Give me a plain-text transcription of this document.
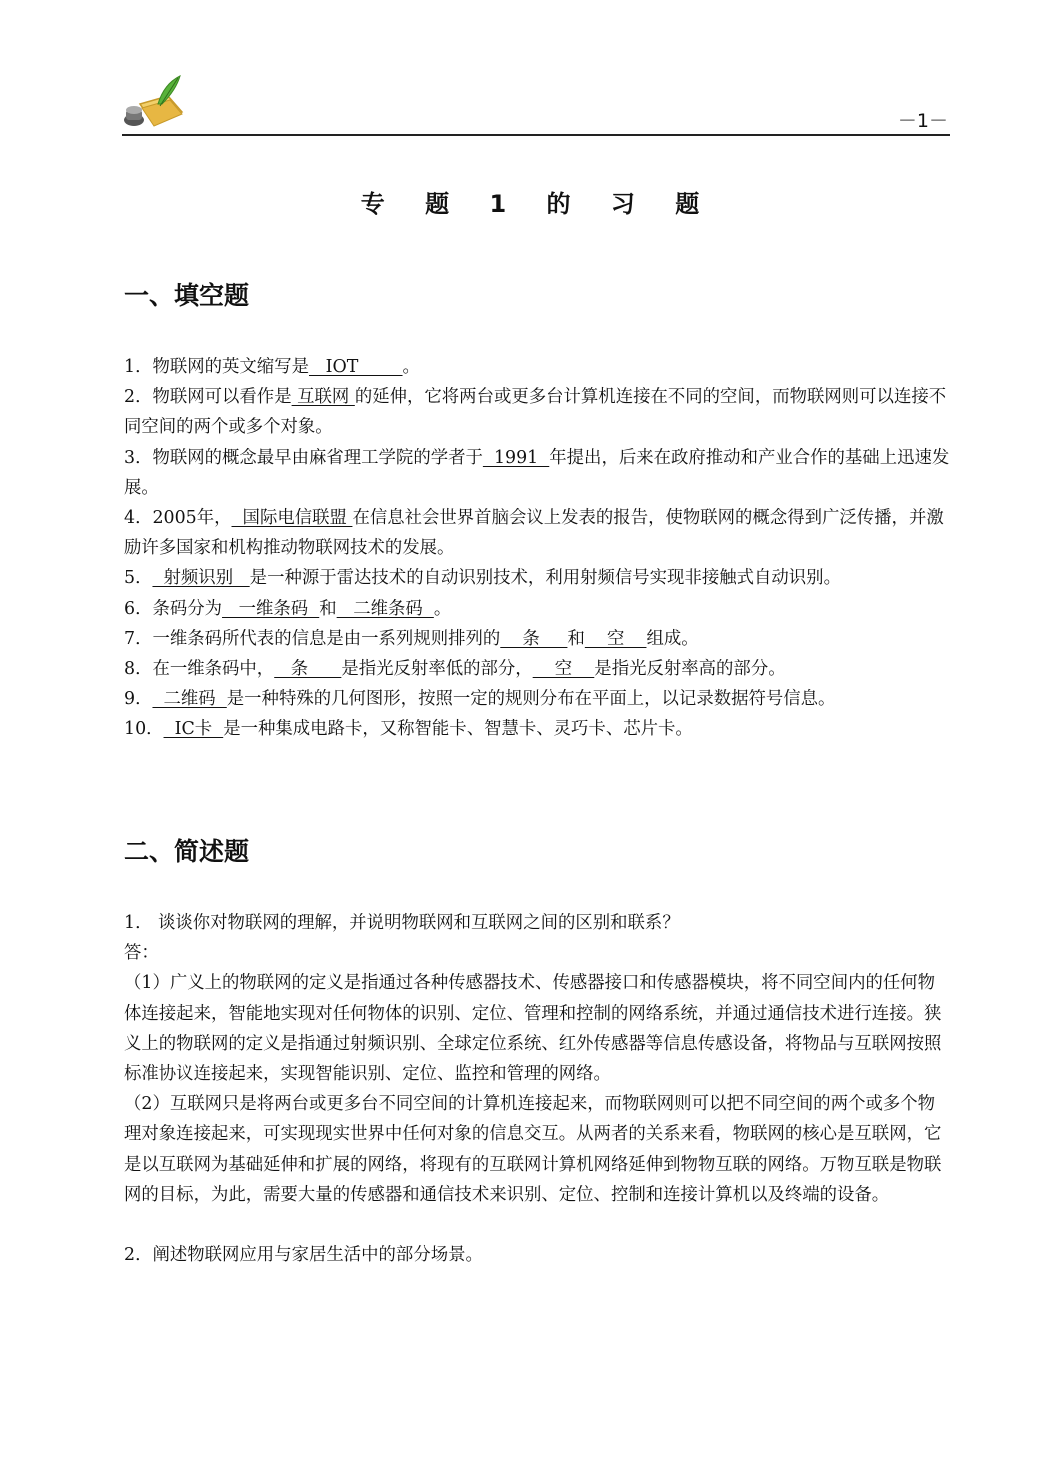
－1－
专 题 1 的 习 题
一、填空题

1．物联网的英文缩写是   IOT        。

2．物联网可以看作是 互联网 的延伸，它将两台或更多台计算机连接在不同的空间，而物联网则可以连接不同空间的两个或多个对象。

3．物联网的概念最早由麻省理工学院的学者于  1991  年提出，后来在政府推动和产业合作的基础上迅速发展。

4．2005年，  国际电信联盟 在信息社会世界首脑会议上发表的报告，使物联网的概念得到广泛传播，并激励许多国家和机构推动物联网技术的发展。

5．  射频识别   是一种源于雷达技术的自动识别技术，利用射频信号实现非接触式自动识别。

6．条码分为   一维条码  和   二维条码  。

7．一维条码所代表的信息是由一系列规则排列的    条     和    空    组成。

8．在一维条码中，   条      是指光反射率低的部分，    空    是指光反射率高的部分。

9．  二维码  是一种特殊的几何图形，按照一定的规则分布在平面上，以记录数据符号信息。

10．  IC卡  是一种集成电路卡，又称智能卡、智慧卡、灵巧卡、芯片卡。

二、简述题

1． 谈谈你对物联网的理解，并说明物联网和互联网之间的区别和联系？

答：

（1）广义上的物联网的定义是指通过各种传感器技术、传感器接口和传感器模块，将不同空间内的任何物体连接起来，智能地实现对任何物体的识别、定位、管理和控制的网络系统，并通过通信技术进行连接。狭义上的物联网的定义是指通过射频识别、全球定位系统、红外传感器等信息传感设备，将物品与互联网按照标准协议连接起来，实现智能识别、定位、监控和管理的网络。

（2）互联网只是将两台或更多台不同空间的计算机连接起来，而物联网则可以把不同空间的两个或多个物理对象连接起来，可实现现实世界中任何对象的信息交互。从两者的关系来看，物联网的核心是互联网，它是以互联网为基础延伸和扩展的网络，将现有的互联网计算机网络延伸到物物互联的网络。万物互联是物联网的目标，为此，需要大量的传感器和通信技术来识别、定位、控制和连接计算机以及终端的设备。

2．阐述物联网应用与家居生活中的部分场景。
